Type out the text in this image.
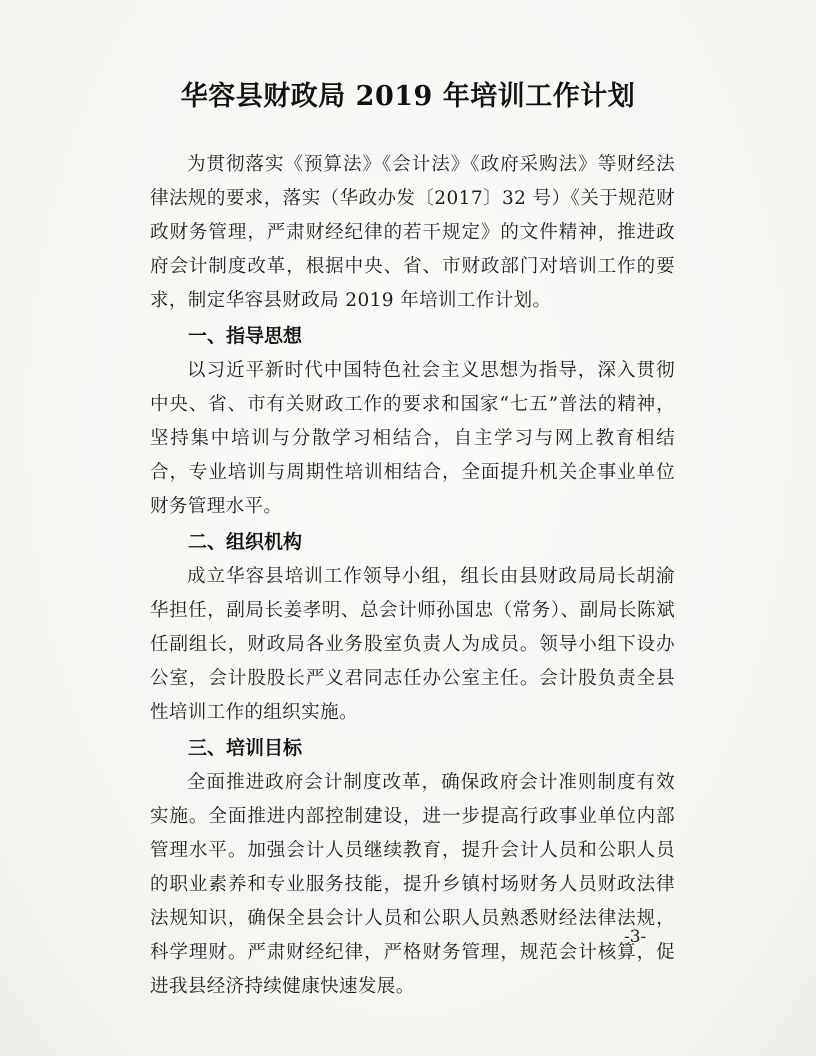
华容县财政局 2019 年培训工作计划

为贯彻落实《预算法》《会计法》《政府采购法》等财经法律法规的要求，落实（华政办发〔2017〕32 号）《关于规范财政财务管理，严肃财经纪律的若干规定》的文件精神，推进政府会计制度改革，根据中央、省、市财政部门对培训工作的要求，制定华容县财政局 2019 年培训工作计划。

一、指导思想

以习近平新时代中国特色社会主义思想为指导，深入贯彻中央、省、市有关财政工作的要求和国家“七五”普法的精神，坚持集中培训与分散学习相结合，自主学习与网上教育相结合，专业培训与周期性培训相结合，全面提升机关企事业单位财务管理水平。

二、组织机构

成立华容县培训工作领导小组，组长由县财政局局长胡渝华担任，副局长姜孝明、总会计师孙国忠（常务）、副局长陈斌任副组长，财政局各业务股室负责人为成员。领导小组下设办公室，会计股股长严义君同志任办公室主任。会计股负责全县性培训工作的组织实施。

三、培训目标

全面推进政府会计制度改革，确保政府会计准则制度有效实施。全面推进内部控制建设，进一步提高行政事业单位内部管理水平。加强会计人员继续教育，提升会计人员和公职人员的职业素养和专业服务技能，提升乡镇村场财务人员财政法律法规知识，确保全县会计人员和公职人员熟悉财经法律法规，科学理财。严肃财经纪律，严格财务管理，规范会计核算，促进我县经济持续健康快速发展。

-3-
